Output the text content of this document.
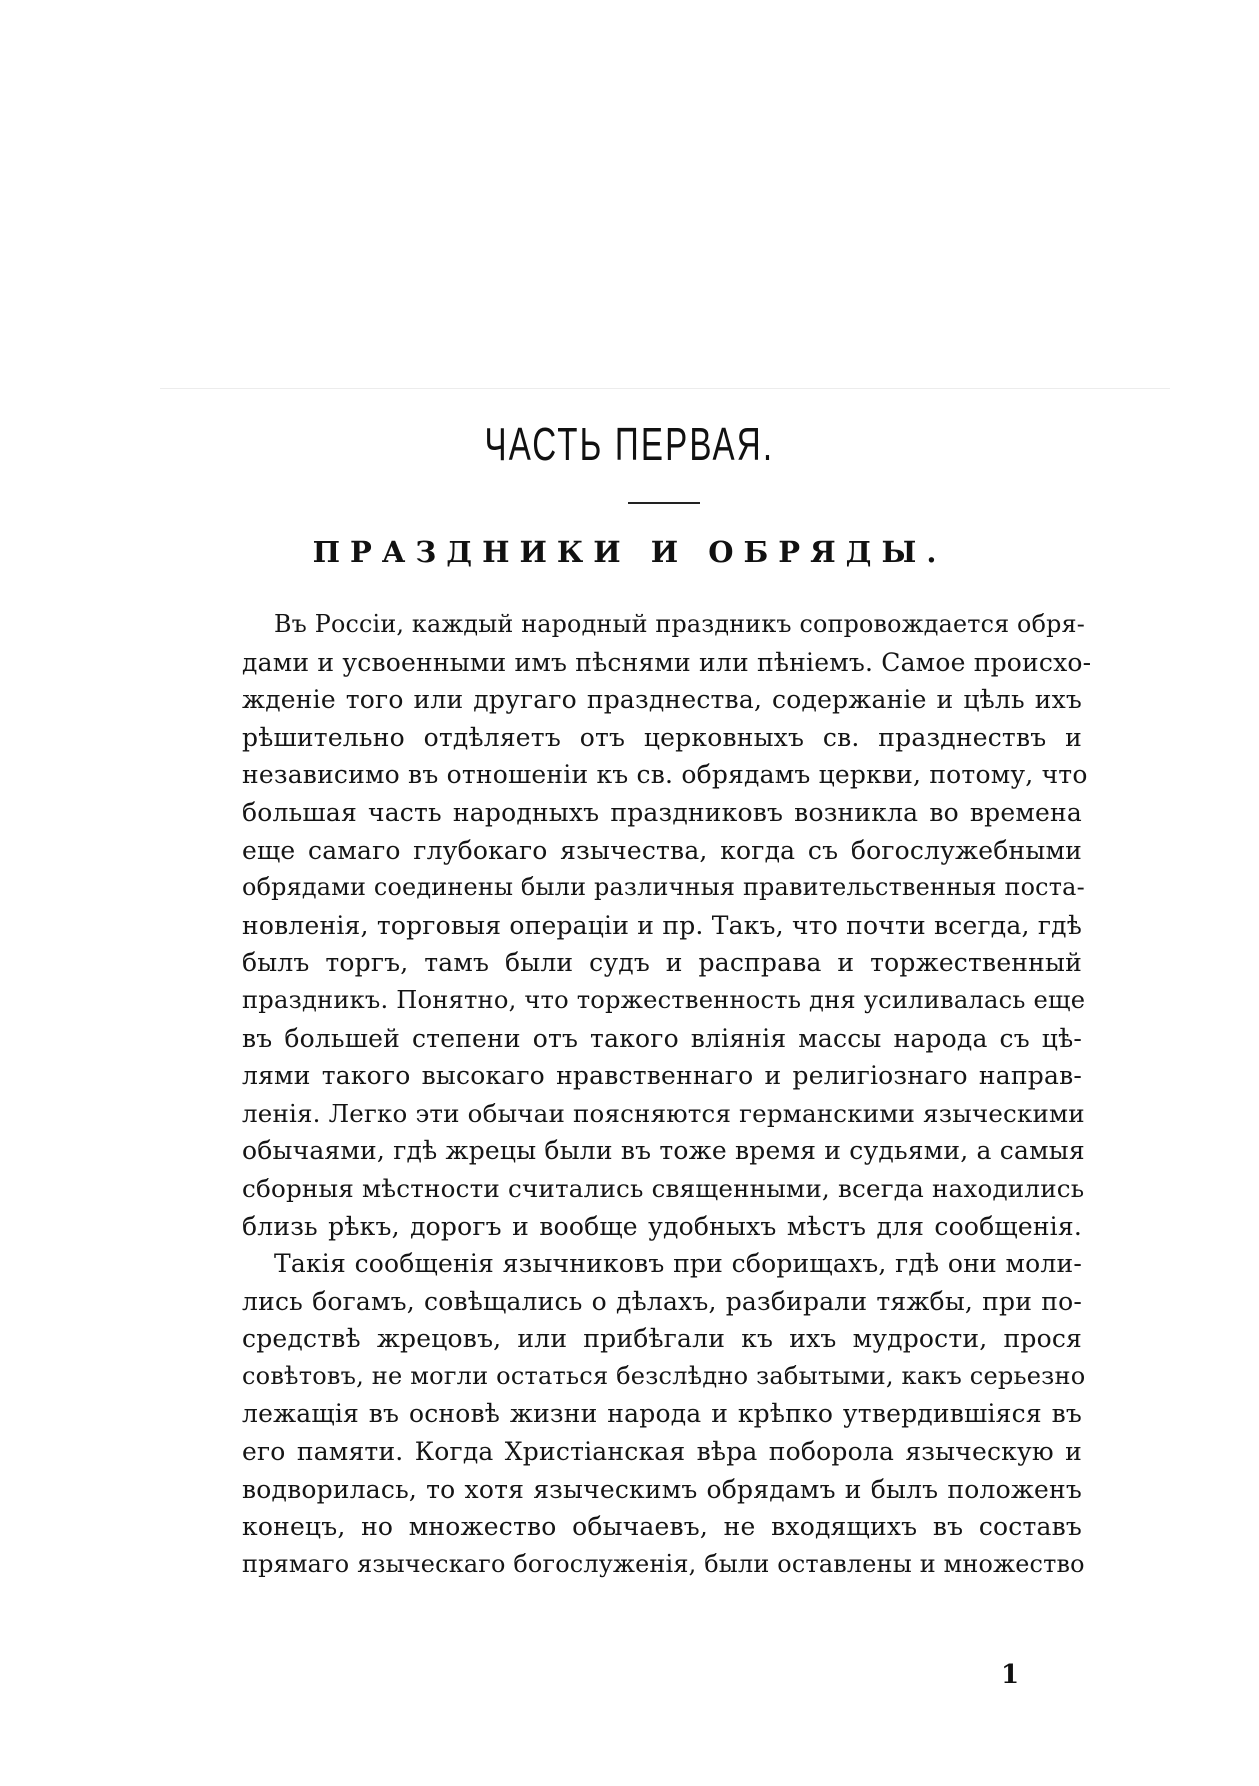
ЧАСТЬ ПЕРВАЯ.
ПРАЗДНИКИ И ОБРЯДЫ.
Въ Россіи, каждый народный праздникъ сопровождается обря-
дами и усвоенными имъ пѣснями или пѣніемъ. Самое происхо-
жденіе того или другаго празднества, содержаніе и цѣль ихъ
рѣшительно отдѣляетъ отъ церковныхъ св. празднествъ и
независимо въ отношеніи къ св. обрядамъ церкви, потому, что
большая часть народныхъ праздниковъ возникла во времена
еще самаго глубокаго язычества, когда съ богослужебными
обрядами соединены были различныя правительственныя поста-
новленія, торговыя операціи и пр. Такъ, что почти всегда, гдѣ
былъ торгъ, тамъ были судъ и расправа и торжественный
праздникъ. Понятно, что торжественность дня усиливалась еще
въ большей степени отъ такого вліянія массы народа съ цѣ-
лями такого высокаго нравственнаго и религіознаго направ-
ленія. Легко эти обычаи поясняются германскими языческими
обычаями, гдѣ жрецы были въ тоже время и судьями, а самыя
сборныя мѣстности считались священными, всегда находились
близь рѣкъ, дорогъ и вообще удобныхъ мѣстъ для сообщенія.
Такія сообщенія язычниковъ при сборищахъ, гдѣ они моли-
лись богамъ, совѣщались о дѣлахъ, разбирали тяжбы, при по-
средствѣ жрецовъ, или прибѣгали къ ихъ мудрости, прося
совѣтовъ, не могли остаться безслѣдно забытыми, какъ серьезно
лежащія въ основѣ жизни народа и крѣпко утвердившіяся въ
его памяти. Когда Христіанская вѣра поборола языческую и
водворилась, то хотя языческимъ обрядамъ и былъ положенъ
конецъ, но множество обычаевъ, не входящихъ въ составъ
прямаго языческаго богослуженія, были оставлены и множество
1
